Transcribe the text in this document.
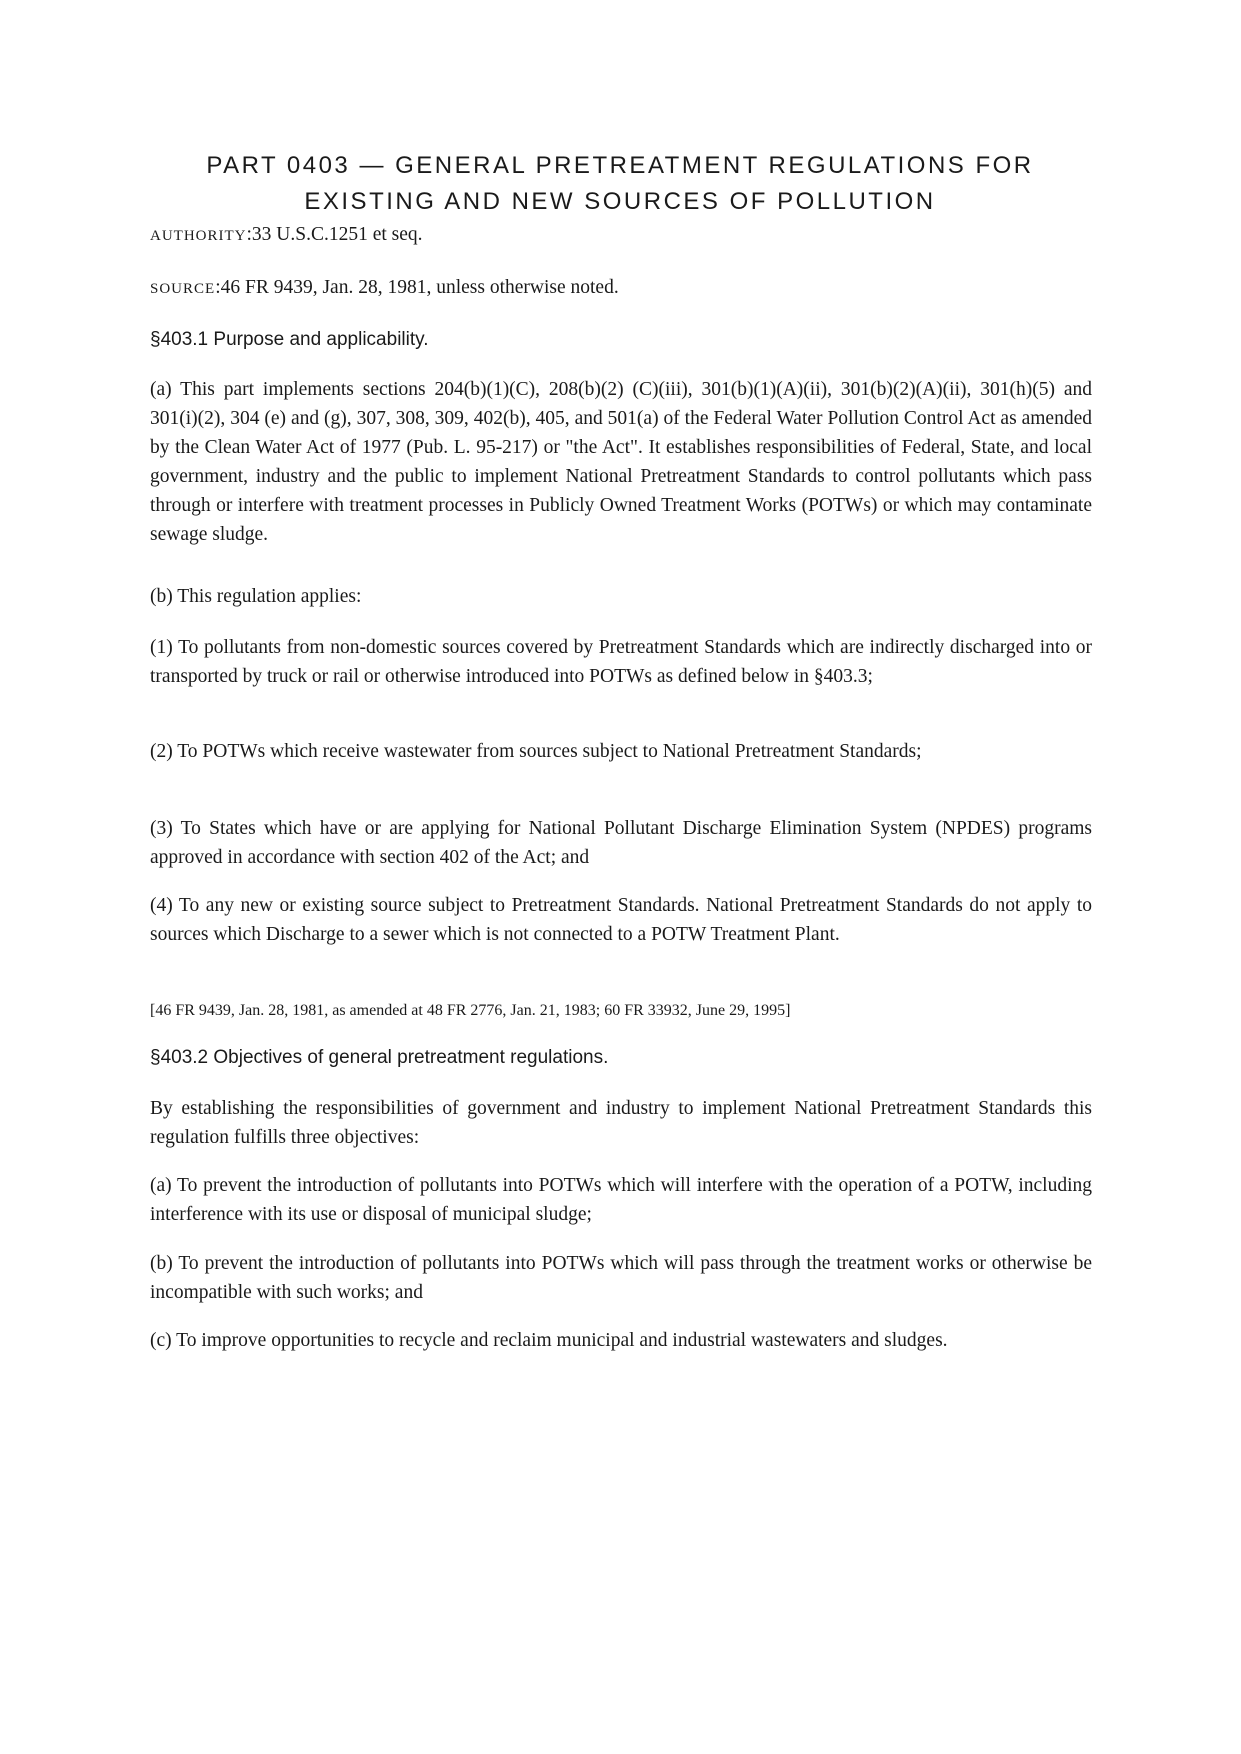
PART 0403 — GENERAL PRETREATMENT REGULATIONS FOR
EXISTING AND NEW SOURCES OF POLLUTION
AUTHORITY:33 U.S.C.1251 et seq.
SOURCE:46 FR 9439, Jan. 28, 1981, unless otherwise noted.
§403.1 Purpose and applicability.
(a) This part implements sections 204(b)(1)(C), 208(b)(2) (C)(iii), 301(b)(1)(A)(ii), 301(b)(2)(A)(ii), 301(h)(5) and 301(i)(2), 304 (e) and (g), 307, 308, 309, 402(b), 405, and 501(a) of the Federal Water Pollution Control Act as amended by the Clean Water Act of 1977 (Pub. L. 95-217) or "the Act". It establishes responsibilities of Federal, State, and local government, industry and the public to implement National Pretreatment Standards to control pollutants which pass through or interfere with treatment processes in Publicly Owned Treatment Works (POTWs) or which may contaminate sewage sludge.
(b) This regulation applies:
(1) To pollutants from non-domestic sources covered by Pretreatment Standards which are indirectly discharged into or transported by truck or rail or otherwise introduced into POTWs as defined below in §403.3;
(2) To POTWs which receive wastewater from sources subject to National Pretreatment Standards;
(3) To States which have or are applying for National Pollutant Discharge Elimination System (NPDES) programs approved in accordance with section 402 of the Act; and
(4) To any new or existing source subject to Pretreatment Standards. National Pretreatment Standards do not apply to sources which Discharge to a sewer which is not connected to a POTW Treatment Plant.
[46 FR 9439, Jan. 28, 1981, as amended at 48 FR 2776, Jan. 21, 1983; 60 FR 33932, June 29, 1995]
§403.2 Objectives of general pretreatment regulations.
By establishing the responsibilities of government and industry to implement National Pretreatment Standards this regulation fulfills three objectives:
(a) To prevent the introduction of pollutants into POTWs which will interfere with the operation of a POTW, including interference with its use or disposal of municipal sludge;
(b) To prevent the introduction of pollutants into POTWs which will pass through the treatment works or otherwise be incompatible with such works; and
(c) To improve opportunities to recycle and reclaim municipal and industrial wastewaters and sludges.
